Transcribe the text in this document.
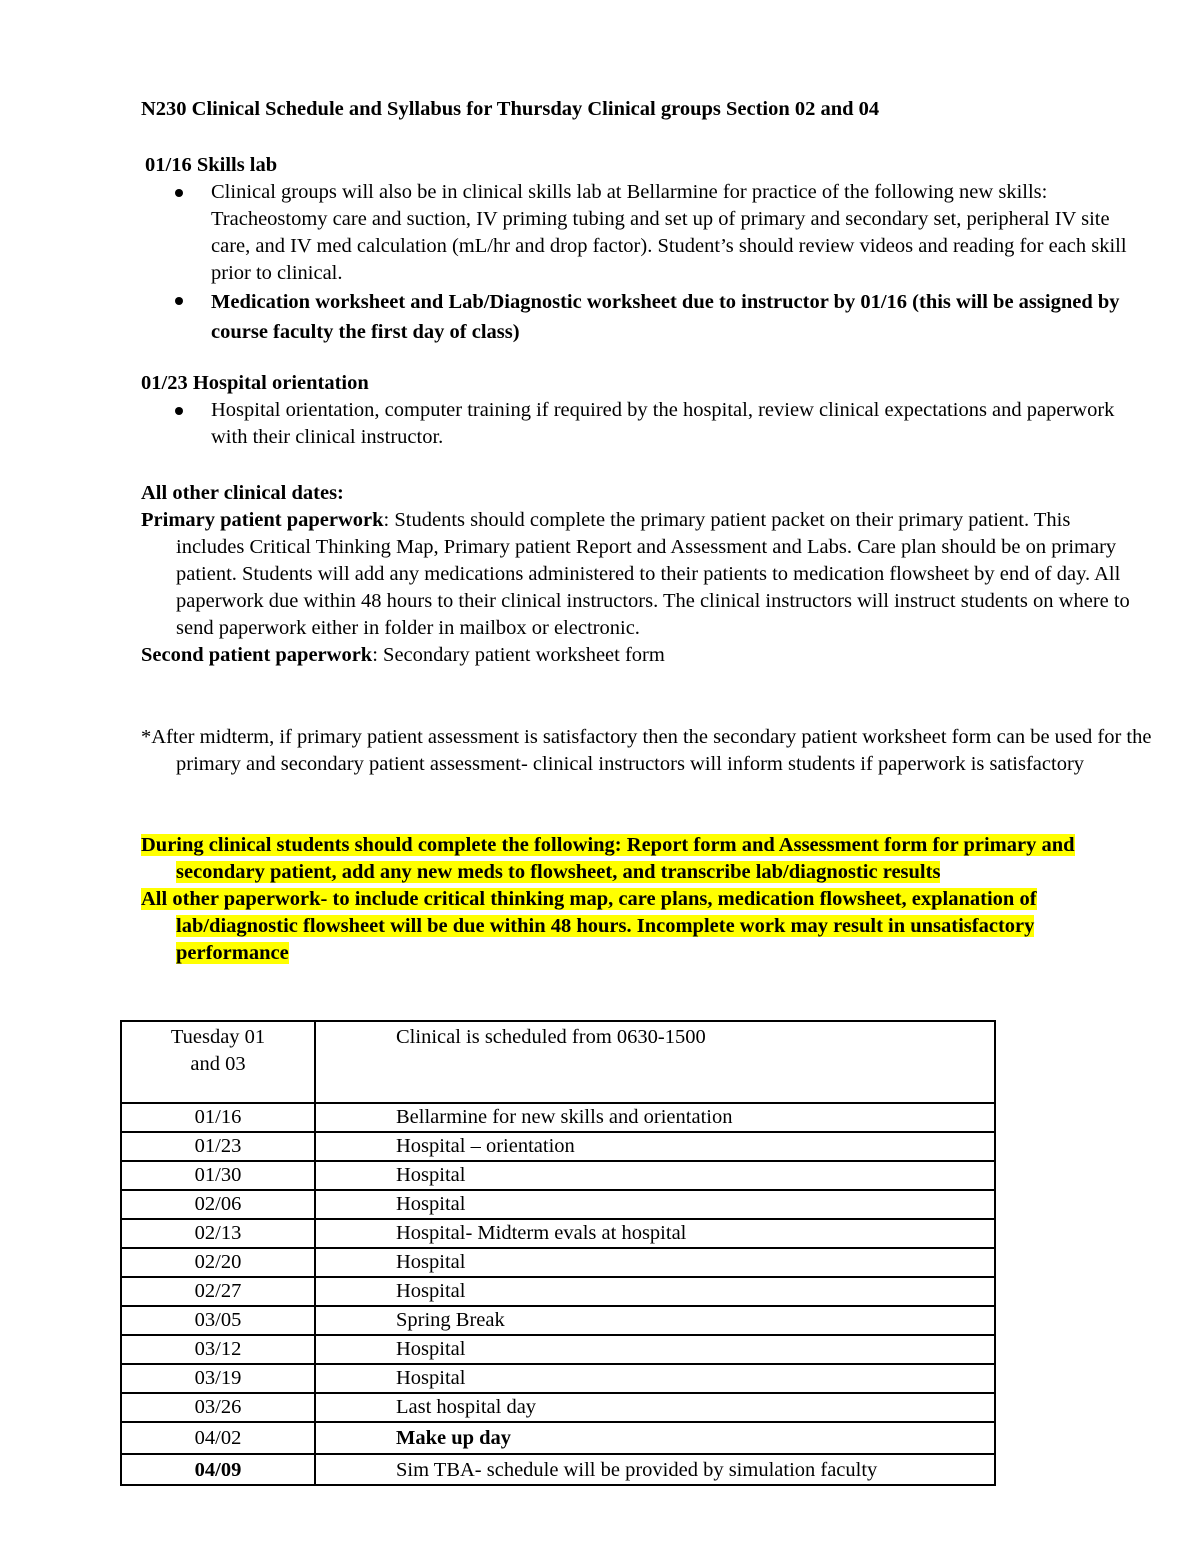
N230 Clinical Schedule and Syllabus for Thursday Clinical groups Section 02 and 04
01/16 Skills lab
Clinical groups will also be in clinical skills lab at Bellarmine for practice of the following new skills: Tracheostomy care and suction, IV priming tubing and set up of primary and secondary set, peripheral IV site care, and IV med calculation (mL/hr and drop factor). Student’s should review videos and reading for each skill prior to clinical.
Medication worksheet and Lab/Diagnostic worksheet due to instructor by 01/16 (this will be assigned by course faculty the first day of class)
01/23 Hospital orientation
Hospital orientation, computer training if required by the hospital, review clinical expectations and paperwork with their clinical instructor.
All other clinical dates:
Primary patient paperwork: Students should complete the primary patient packet on their primary patient. This includes Critical Thinking Map, Primary patient Report and Assessment and Labs. Care plan should be on primary patient. Students will add any medications administered to their patients to medication flowsheet by end of day. All paperwork due within 48 hours to their clinical instructors. The clinical instructors will instruct students on where to send paperwork either in folder in mailbox or electronic.
Second patient paperwork: Secondary patient worksheet form
*After midterm, if primary patient assessment is satisfactory then the secondary patient worksheet form can be used for the primary and secondary patient assessment- clinical instructors will inform students if paperwork is satisfactory
During clinical students should complete the following: Report form and Assessment form for primary and secondary patient, add any new meds to flowsheet, and transcribe lab/diagnostic results
All other paperwork- to include critical thinking map, care plans, medication flowsheet, explanation of lab/diagnostic flowsheet will be due within 48 hours. Incomplete work may result in unsatisfactory performance
Tuesday 01 and 03	Clinical is scheduled from 0630-1500
01/16	Bellarmine for new skills and orientation
01/23	Hospital – orientation
01/30	Hospital
02/06	Hospital
02/13	Hospital- Midterm evals at hospital
02/20	Hospital
02/27	Hospital
03/05	Spring Break
03/12	Hospital
03/19	Hospital
03/26	Last hospital day
04/02	Make up day
04/09	Sim TBA- schedule will be provided by simulation faculty
